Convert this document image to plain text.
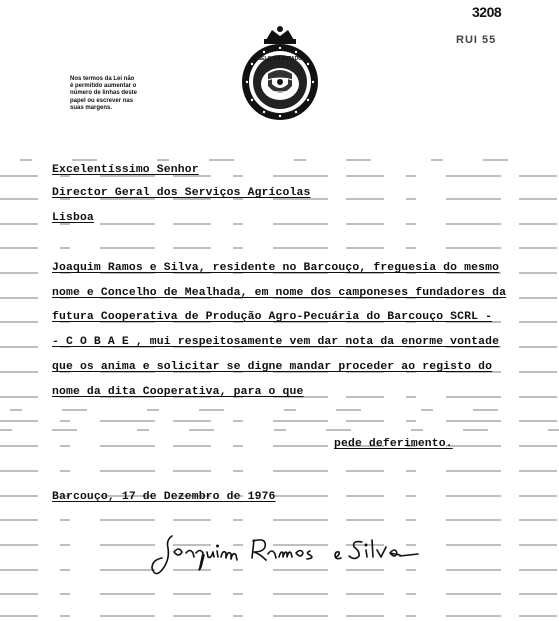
3208
RUI 55
Nos termos da Lei não
é permitido aumentar o
número de linhas deste
papel ou escrever nas
suas margens.
SELO DO ESTADO
Excelentíssimo Senhor
Director Geral dos Serviços Agrícolas
Lisboa
Joaquim Ramos e Silva, residente no Barcouço, freguesia do mesmo
nome e Concelho de Mealhada, em nome dos camponeses fundadores da
futura Cooperativa de Produção Agro-Pecuária do Barcouço SCRL -
- C O B A E , mui respeitosamente vem dar nota da enorme vontade
que os anima e solicitar se digne mandar proceder ao registo do
nome da dita Cooperativa, para o que
pede deferimento.
Barcouço, 17 de Dezembro de 1976
